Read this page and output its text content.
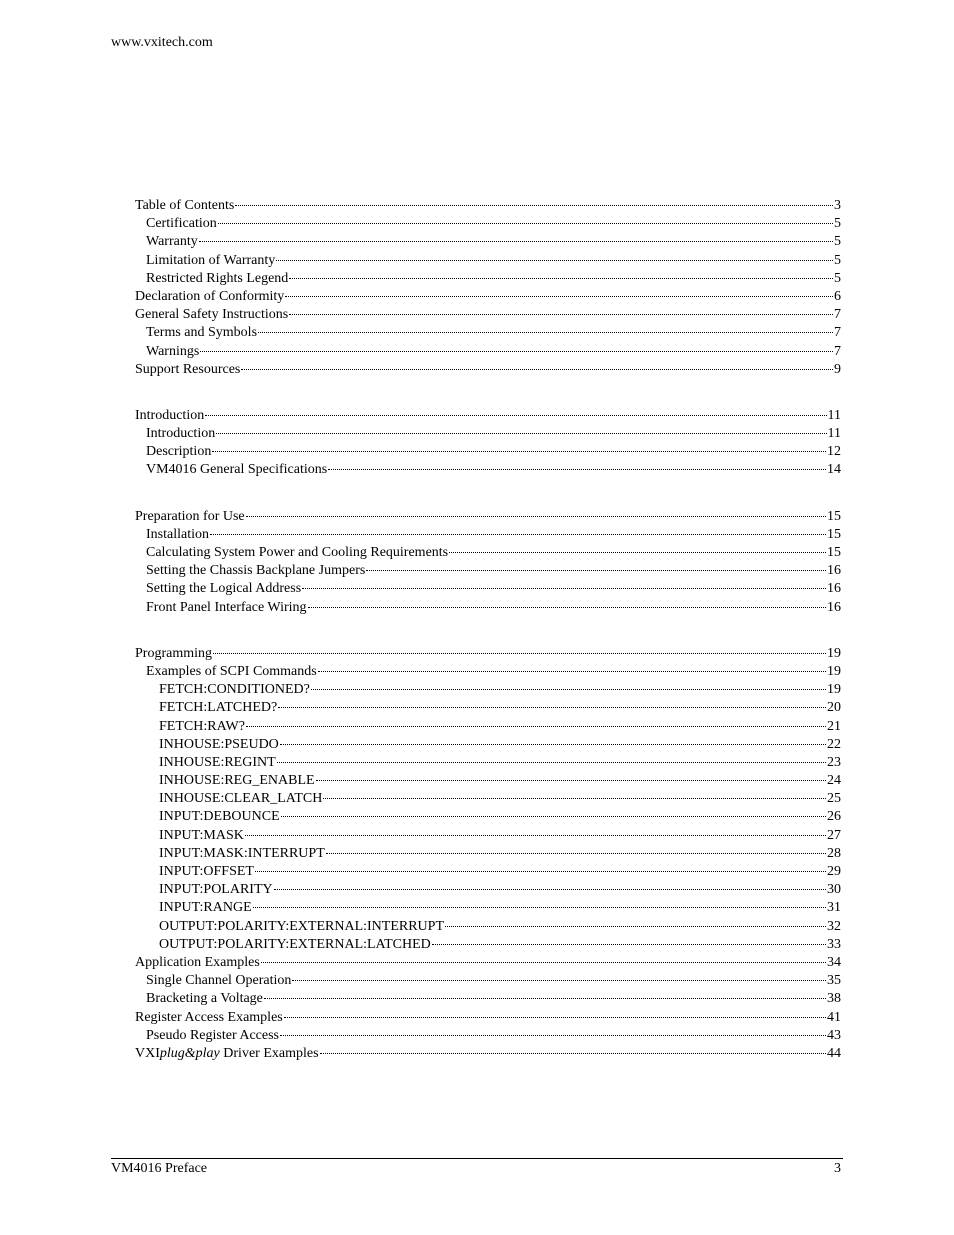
www.vxitech.com
Table of Contents	3
Certification	5
Warranty	5
Limitation of Warranty	5
Restricted Rights Legend	5
Declaration of Conformity	6
General Safety Instructions	7
Terms and Symbols	7
Warnings	7
Support Resources	9
Introduction	11
Introduction	11
Description	12
VM4016 General Specifications	14
Preparation for Use	15
Installation	15
Calculating System Power and Cooling Requirements	15
Setting the Chassis Backplane Jumpers	16
Setting the Logical Address	16
Front Panel Interface Wiring	16
Programming	19
Examples of SCPI Commands	19
FETCH:CONDITIONED?	19
FETCH:LATCHED?	20
FETCH:RAW?	21
INHOUSE:PSEUDO	22
INHOUSE:REGINT	23
INHOUSE:REG_ENABLE	24
INHOUSE:CLEAR_LATCH	25
INPUT:DEBOUNCE	26
INPUT:MASK	27
INPUT:MASK:INTERRUPT	28
INPUT:OFFSET	29
INPUT:POLARITY	30
INPUT:RANGE	31
OUTPUT:POLARITY:EXTERNAL:INTERRUPT	32
OUTPUT:POLARITY:EXTERNAL:LATCHED	33
Application Examples	34
Single Channel Operation	35
Bracketing a Voltage	38
Register Access Examples	41
Pseudo Register Access	43
VXIplug&play Driver Examples	44
VM4016 Preface	3
